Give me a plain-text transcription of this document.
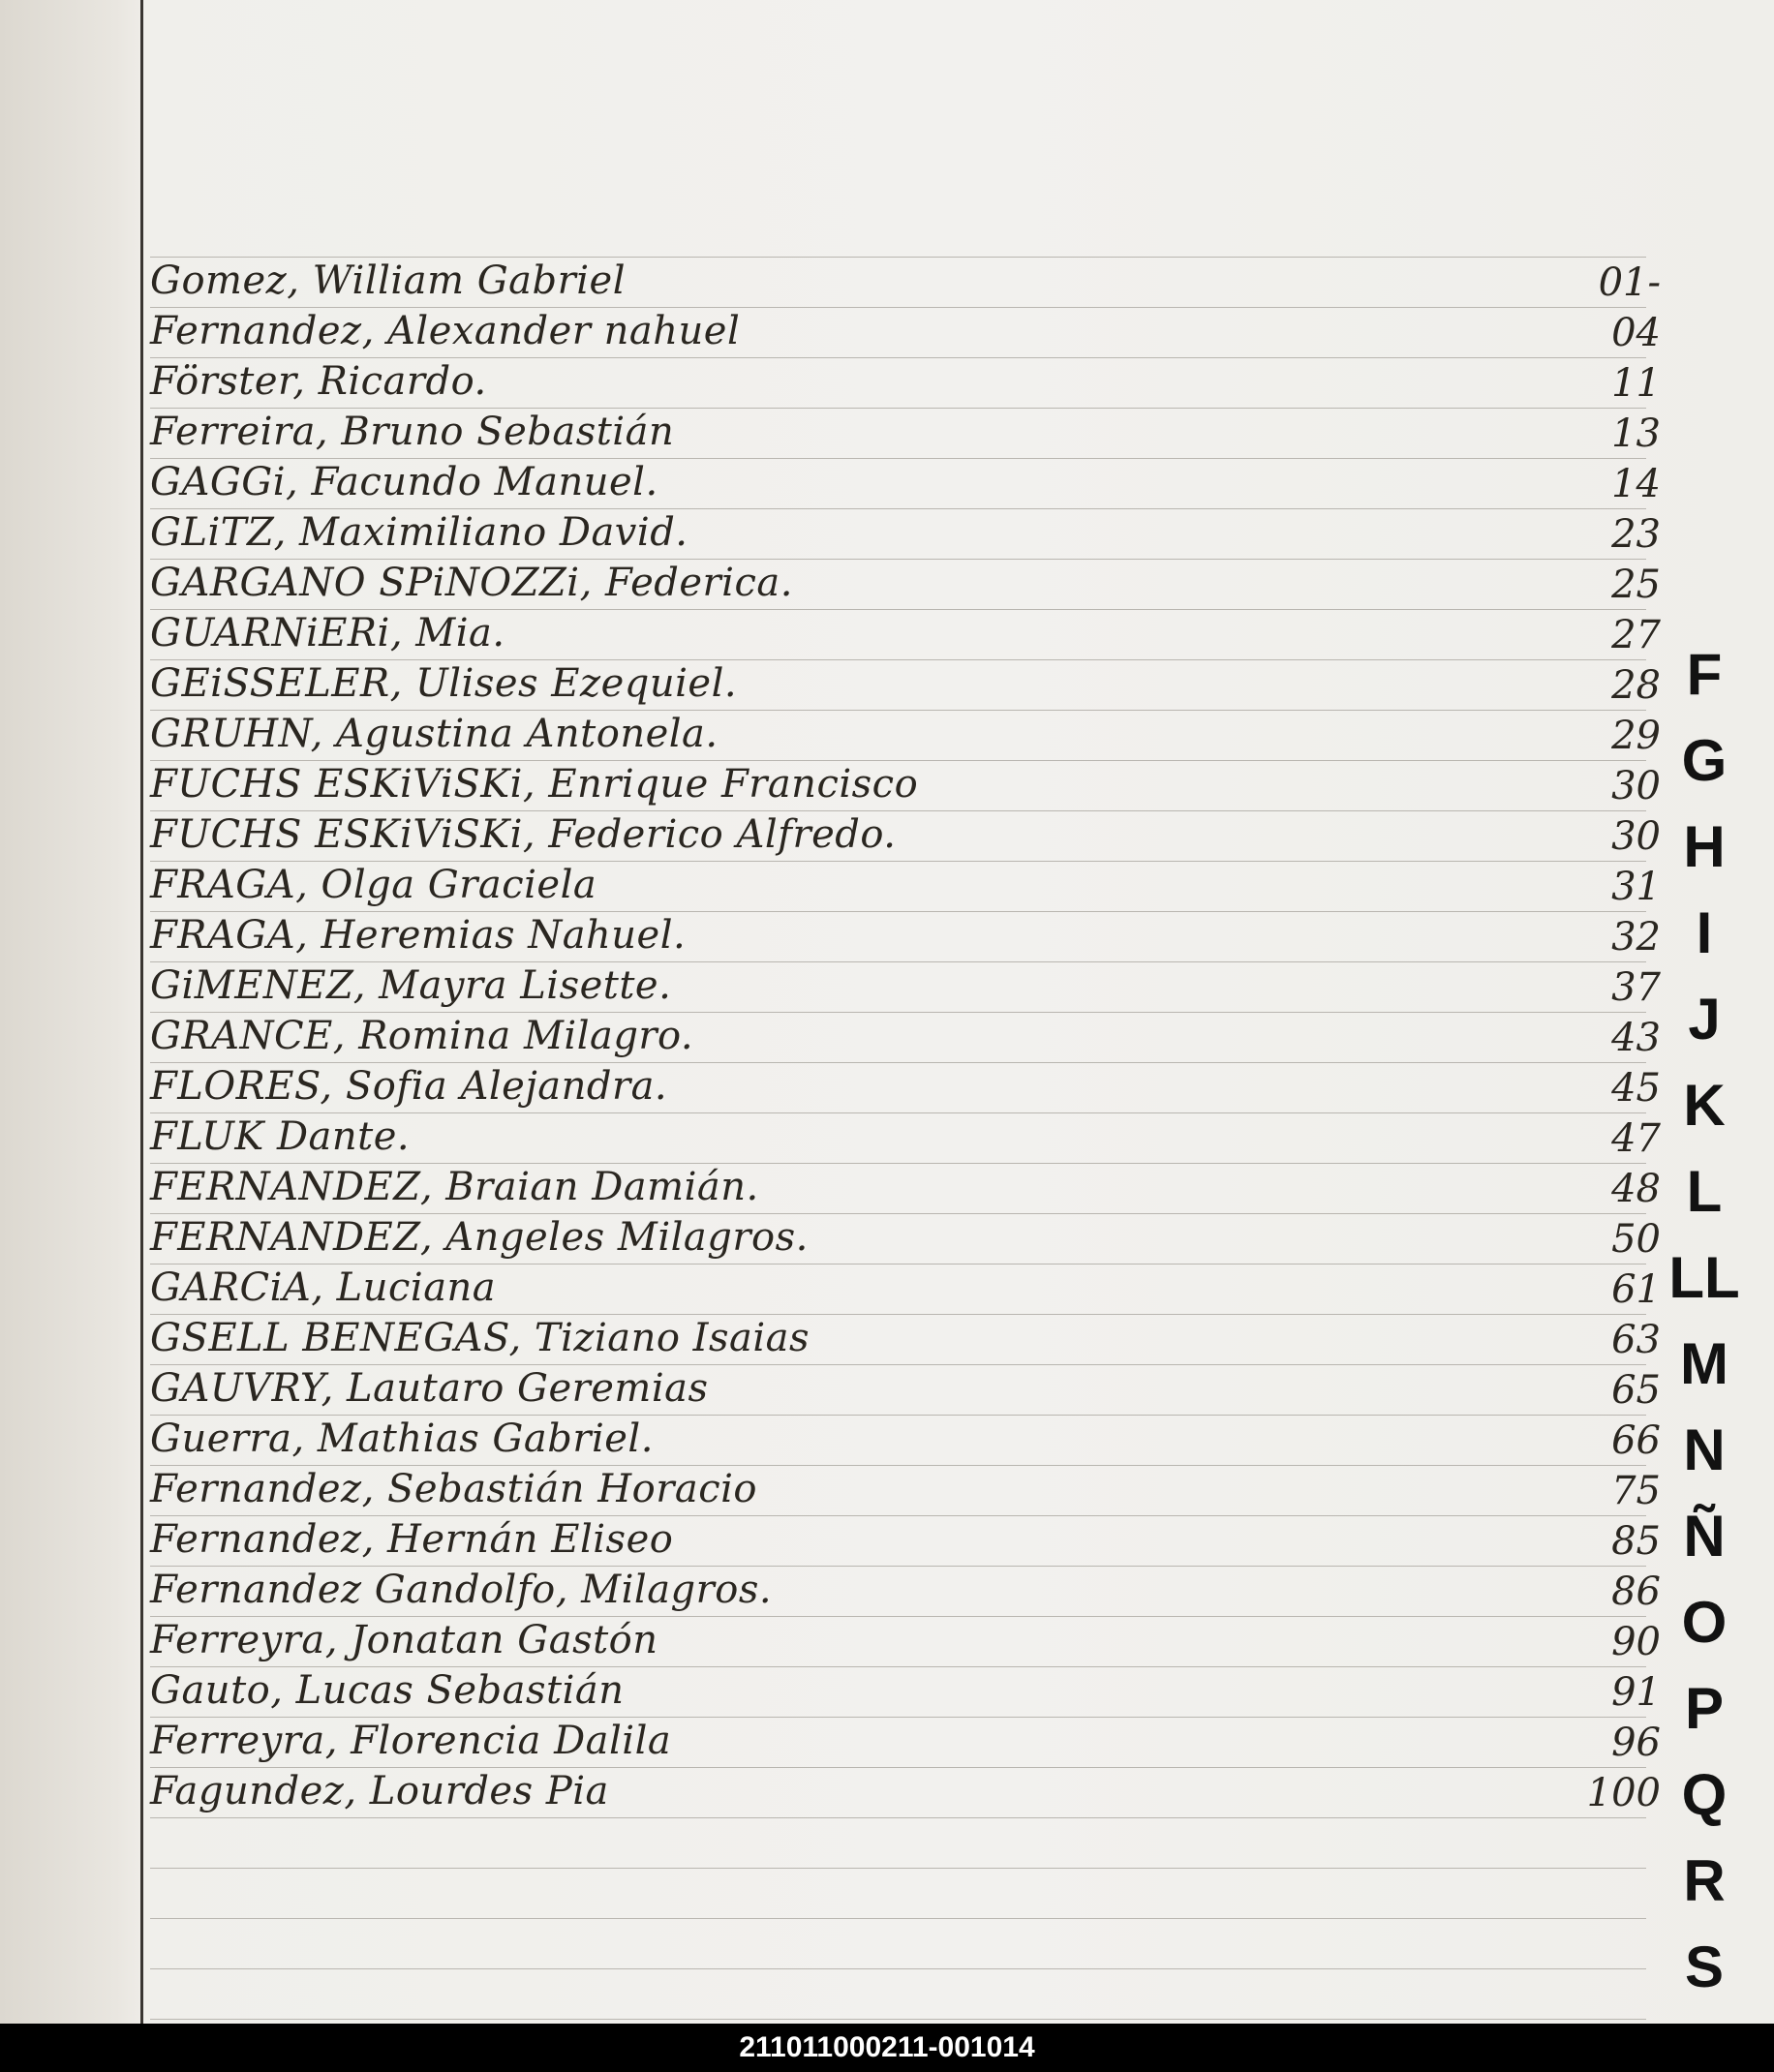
Gomez, William Gabriel	01-
Fernandez, Alexander nahuel	04
Förster, Ricardo.	11
Ferreira, Bruno Sebastián	13
GAGGi, Facundo Manuel.	14
GLiTZ, Maximiliano David.	23
GARGANO SPiNOZZi, Federica.	25
GUARNiERi, Mia.	27
GEiSSELER, Ulises Ezequiel.	28
GRUHN, Agustina Antonela.	29
FUCHS ESKiViSKi, Enrique Francisco	30
FUCHS ESKiViSKi, Federico Alfredo.	30
FRAGA, Olga Graciela	31
FRAGA, Heremias Nahuel.	32
GiMENEZ, Mayra Lisette.	37
GRANCE, Romina Milagro.	43
FLORES, Sofia Alejandra.	45
FLUK Dante.	47
FERNANDEZ, Braian Damián.	48
FERNANDEZ, Angeles Milagros.	50
GARCiA, Luciana	61
GSELL BENEGAS, Tiziano Isaias	63
GAUVRY, Lautaro Geremias	65
Guerra, Mathias Gabriel.	66
Fernandez, Sebastián Horacio	75
Fernandez, Hernán Eliseo	85
Fernandez Gandolfo, Milagros.	86
Ferreyra, Jonatan Gastón	90
Gauto, Lucas Sebastián	91
Ferreyra, Florencia Dalila	96
Fagundez, Lourdes Pia	100
F
G
H
I
J
K
L
LL
M
N
Ñ
O
P
Q
R
S
211011000211-001014
